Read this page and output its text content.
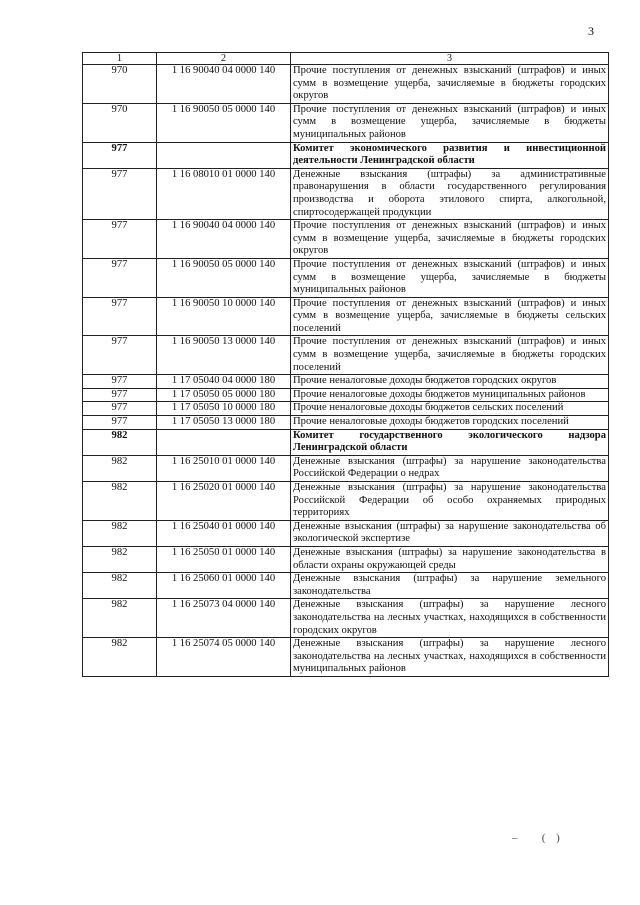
3
1	2	3
970	1 16 90040 04 0000 140	Прочие поступления от денежных взысканий (штрафов) и иных сумм в возмещение ущерба, зачисляемые в бюджеты городских округов
970	1 16 90050 05 0000 140	Прочие поступления от денежных взысканий (штрафов) и иных сумм в возмещение ущерба, зачисляемые в бюджеты муниципальных районов
977		Комитет экономического развития и инвестиционной деятельности Ленинградской области
977	1 16 08010 01 0000 140	Денежные взыскания (штрафы) за административные правонарушения в области государственного регулирования производства и оборота этилового спирта, алкогольной, спиртосодержащей продукции
977	1 16 90040 04 0000 140	Прочие поступления от денежных взысканий (штрафов) и иных сумм в возмещение ущерба, зачисляемые в бюджеты городских округов
977	1 16 90050 05 0000 140	Прочие поступления от денежных взысканий (штрафов) и иных сумм в возмещение ущерба, зачисляемые в бюджеты муниципальных районов
977	1 16 90050 10 0000 140	Прочие поступления от денежных взысканий (штрафов) и иных сумм в возмещение ущерба, зачисляемые в бюджеты сельских поселений
977	1 16 90050 13 0000 140	Прочие поступления от денежных взысканий (штрафов) и иных сумм в возмещение ущерба, зачисляемые в бюджеты городских поселений
977	1 17 05040 04 0000 180	Прочие неналоговые доходы бюджетов городских округов
977	1 17 05050 05 0000 180	Прочие неналоговые доходы бюджетов муниципальных районов
977	1 17 05050 10 0000 180	Прочие неналоговые доходы бюджетов сельских поселений
977	1 17 05050 13 0000 180	Прочие неналоговые доходы бюджетов городских поселений
982		Комитет государственного экологического надзора Ленинградской области
982	1 16 25010 01 0000 140	Денежные взыскания (штрафы) за нарушение законодательства Российской Федерации о недрах
982	1 16 25020 01 0000 140	Денежные взыскания (штрафы) за нарушение законодательства Российской Федерации об особо охраняемых природных территориях
982	1 16 25040 01 0000 140	Денежные взыскания (штрафы) за нарушение законодательства об экологической экспертизе
982	1 16 25050 01 0000 140	Денежные взыскания (штрафы) за нарушение законодательства в области охраны окружающей среды
982	1 16 25060 01 0000 140	Денежные взыскания (штрафы) за нарушение земельного законодательства
982	1 16 25073 04 0000 140	Денежные взыскания (штрафы) за нарушение лесного законодательства на лесных участках, находящихся в собственности городских округов
982	1 16 25074 05 0000 140	Денежные взыскания (штрафы) за нарушение лесного законодательства на лесных участках, находящихся в собственности муниципальных районов
–   ( )
